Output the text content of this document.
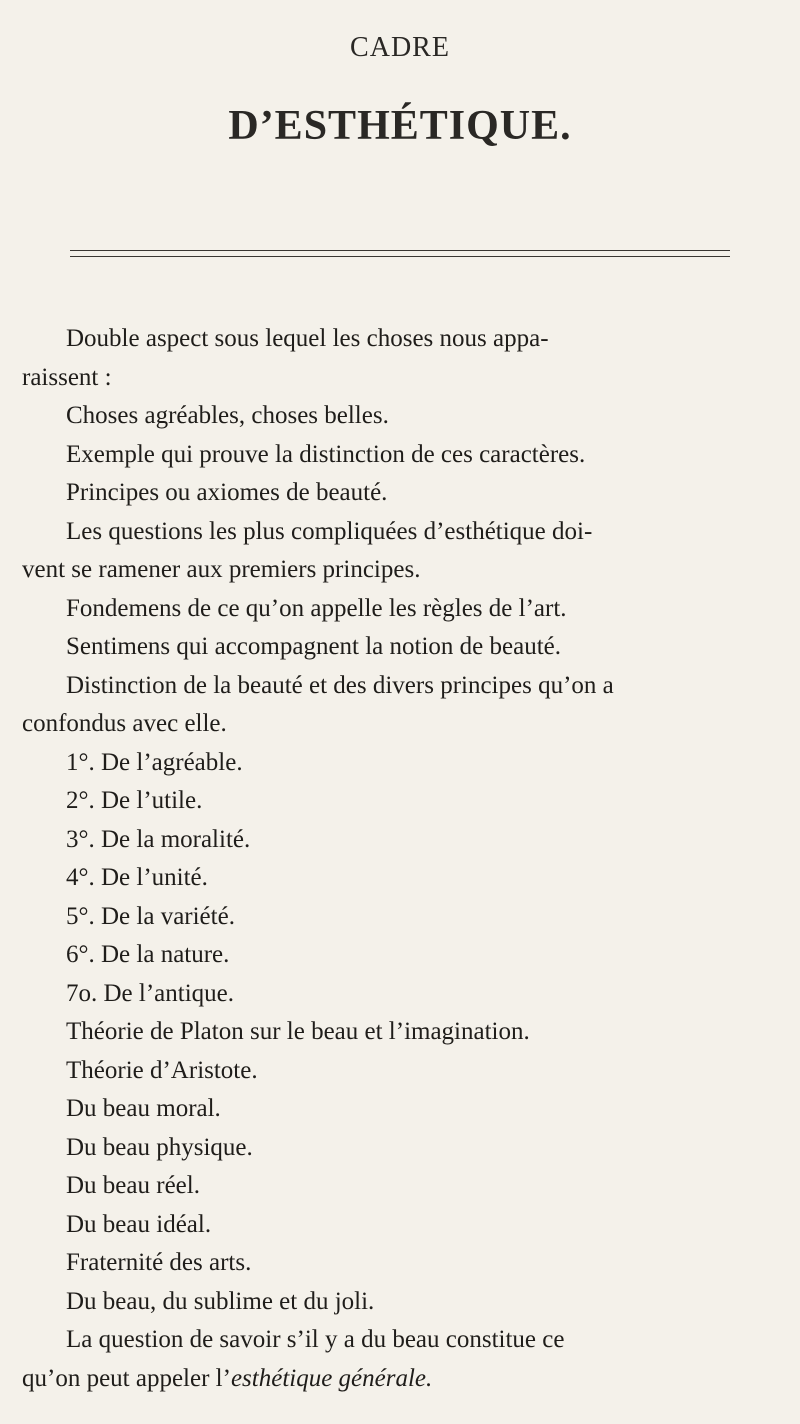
CADRE
D’ESTHÉTIQUE.
Double aspect sous lequel les choses nous appa-
raissent :
Choses agréables, choses belles.
Exemple qui prouve la distinction de ces caractères.
Principes ou axiomes de beauté.
Les questions les plus compliquées d’esthétique doi-
vent se ramener aux premiers principes.
Fondemens de ce qu’on appelle les règles de l’art.
Sentimens qui accompagnent la notion de beauté.
Distinction de la beauté et des divers principes qu’on a
confondus avec elle.
1°. De l’agréable.
2°. De l’utile.
3°. De la moralité.
4°. De l’unité.
5°. De la variété.
6°. De la nature.
7o. De l’antique.
Théorie de Platon sur le beau et l’imagination.
Théorie d’Aristote.
Du beau moral.
Du beau physique.
Du beau réel.
Du beau idéal.
Fraternité des arts.
Du beau, du sublime et du joli.
La question de savoir s’il y a du beau constitue ce
qu’on peut appeler l’esthétique générale.
